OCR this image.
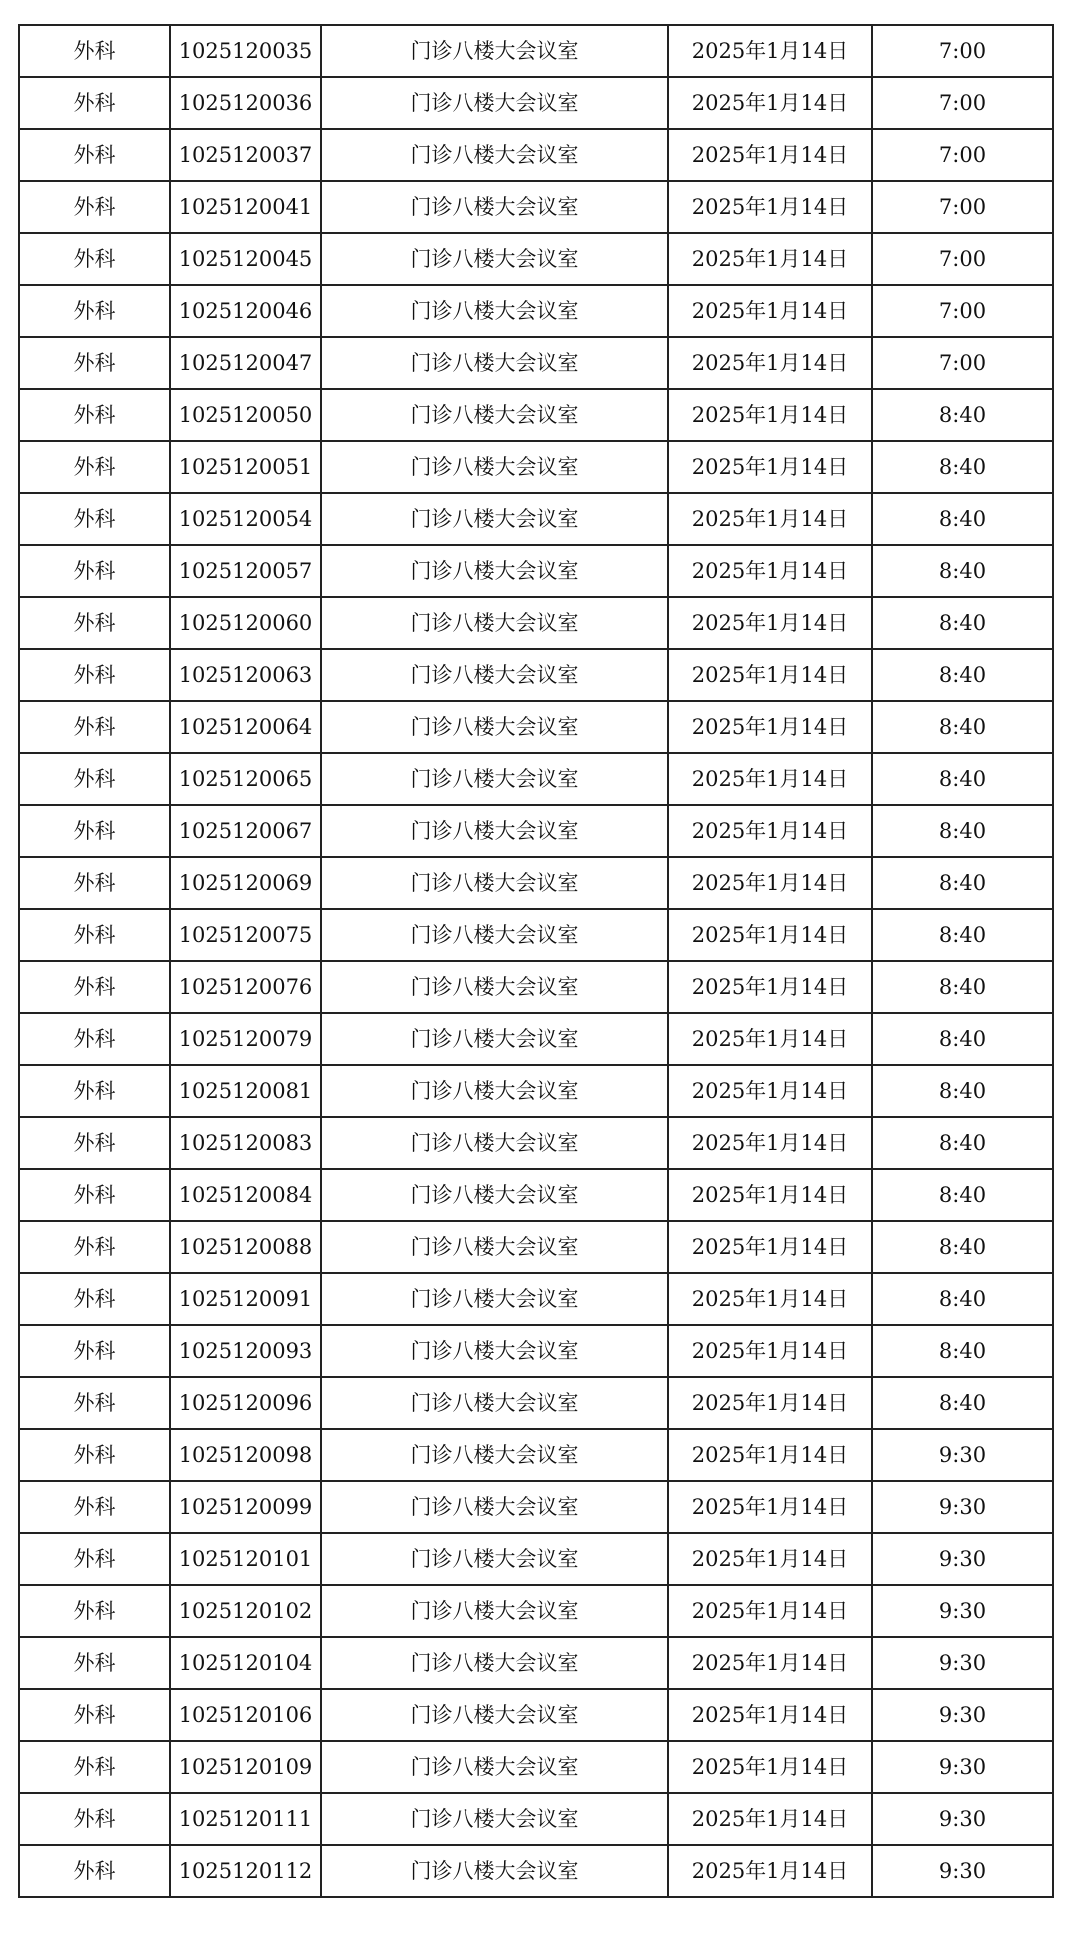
外科	1025120035	门诊八楼大会议室	2025年1月14日	7:00
外科	1025120036	门诊八楼大会议室	2025年1月14日	7:00
外科	1025120037	门诊八楼大会议室	2025年1月14日	7:00
外科	1025120041	门诊八楼大会议室	2025年1月14日	7:00
外科	1025120045	门诊八楼大会议室	2025年1月14日	7:00
外科	1025120046	门诊八楼大会议室	2025年1月14日	7:00
外科	1025120047	门诊八楼大会议室	2025年1月14日	7:00
外科	1025120050	门诊八楼大会议室	2025年1月14日	8:40
外科	1025120051	门诊八楼大会议室	2025年1月14日	8:40
外科	1025120054	门诊八楼大会议室	2025年1月14日	8:40
外科	1025120057	门诊八楼大会议室	2025年1月14日	8:40
外科	1025120060	门诊八楼大会议室	2025年1月14日	8:40
外科	1025120063	门诊八楼大会议室	2025年1月14日	8:40
外科	1025120064	门诊八楼大会议室	2025年1月14日	8:40
外科	1025120065	门诊八楼大会议室	2025年1月14日	8:40
外科	1025120067	门诊八楼大会议室	2025年1月14日	8:40
外科	1025120069	门诊八楼大会议室	2025年1月14日	8:40
外科	1025120075	门诊八楼大会议室	2025年1月14日	8:40
外科	1025120076	门诊八楼大会议室	2025年1月14日	8:40
外科	1025120079	门诊八楼大会议室	2025年1月14日	8:40
外科	1025120081	门诊八楼大会议室	2025年1月14日	8:40
外科	1025120083	门诊八楼大会议室	2025年1月14日	8:40
外科	1025120084	门诊八楼大会议室	2025年1月14日	8:40
外科	1025120088	门诊八楼大会议室	2025年1月14日	8:40
外科	1025120091	门诊八楼大会议室	2025年1月14日	8:40
外科	1025120093	门诊八楼大会议室	2025年1月14日	8:40
外科	1025120096	门诊八楼大会议室	2025年1月14日	8:40
外科	1025120098	门诊八楼大会议室	2025年1月14日	9:30
外科	1025120099	门诊八楼大会议室	2025年1月14日	9:30
外科	1025120101	门诊八楼大会议室	2025年1月14日	9:30
外科	1025120102	门诊八楼大会议室	2025年1月14日	9:30
外科	1025120104	门诊八楼大会议室	2025年1月14日	9:30
外科	1025120106	门诊八楼大会议室	2025年1月14日	9:30
外科	1025120109	门诊八楼大会议室	2025年1月14日	9:30
外科	1025120111	门诊八楼大会议室	2025年1月14日	9:30
外科	1025120112	门诊八楼大会议室	2025年1月14日	9:30
